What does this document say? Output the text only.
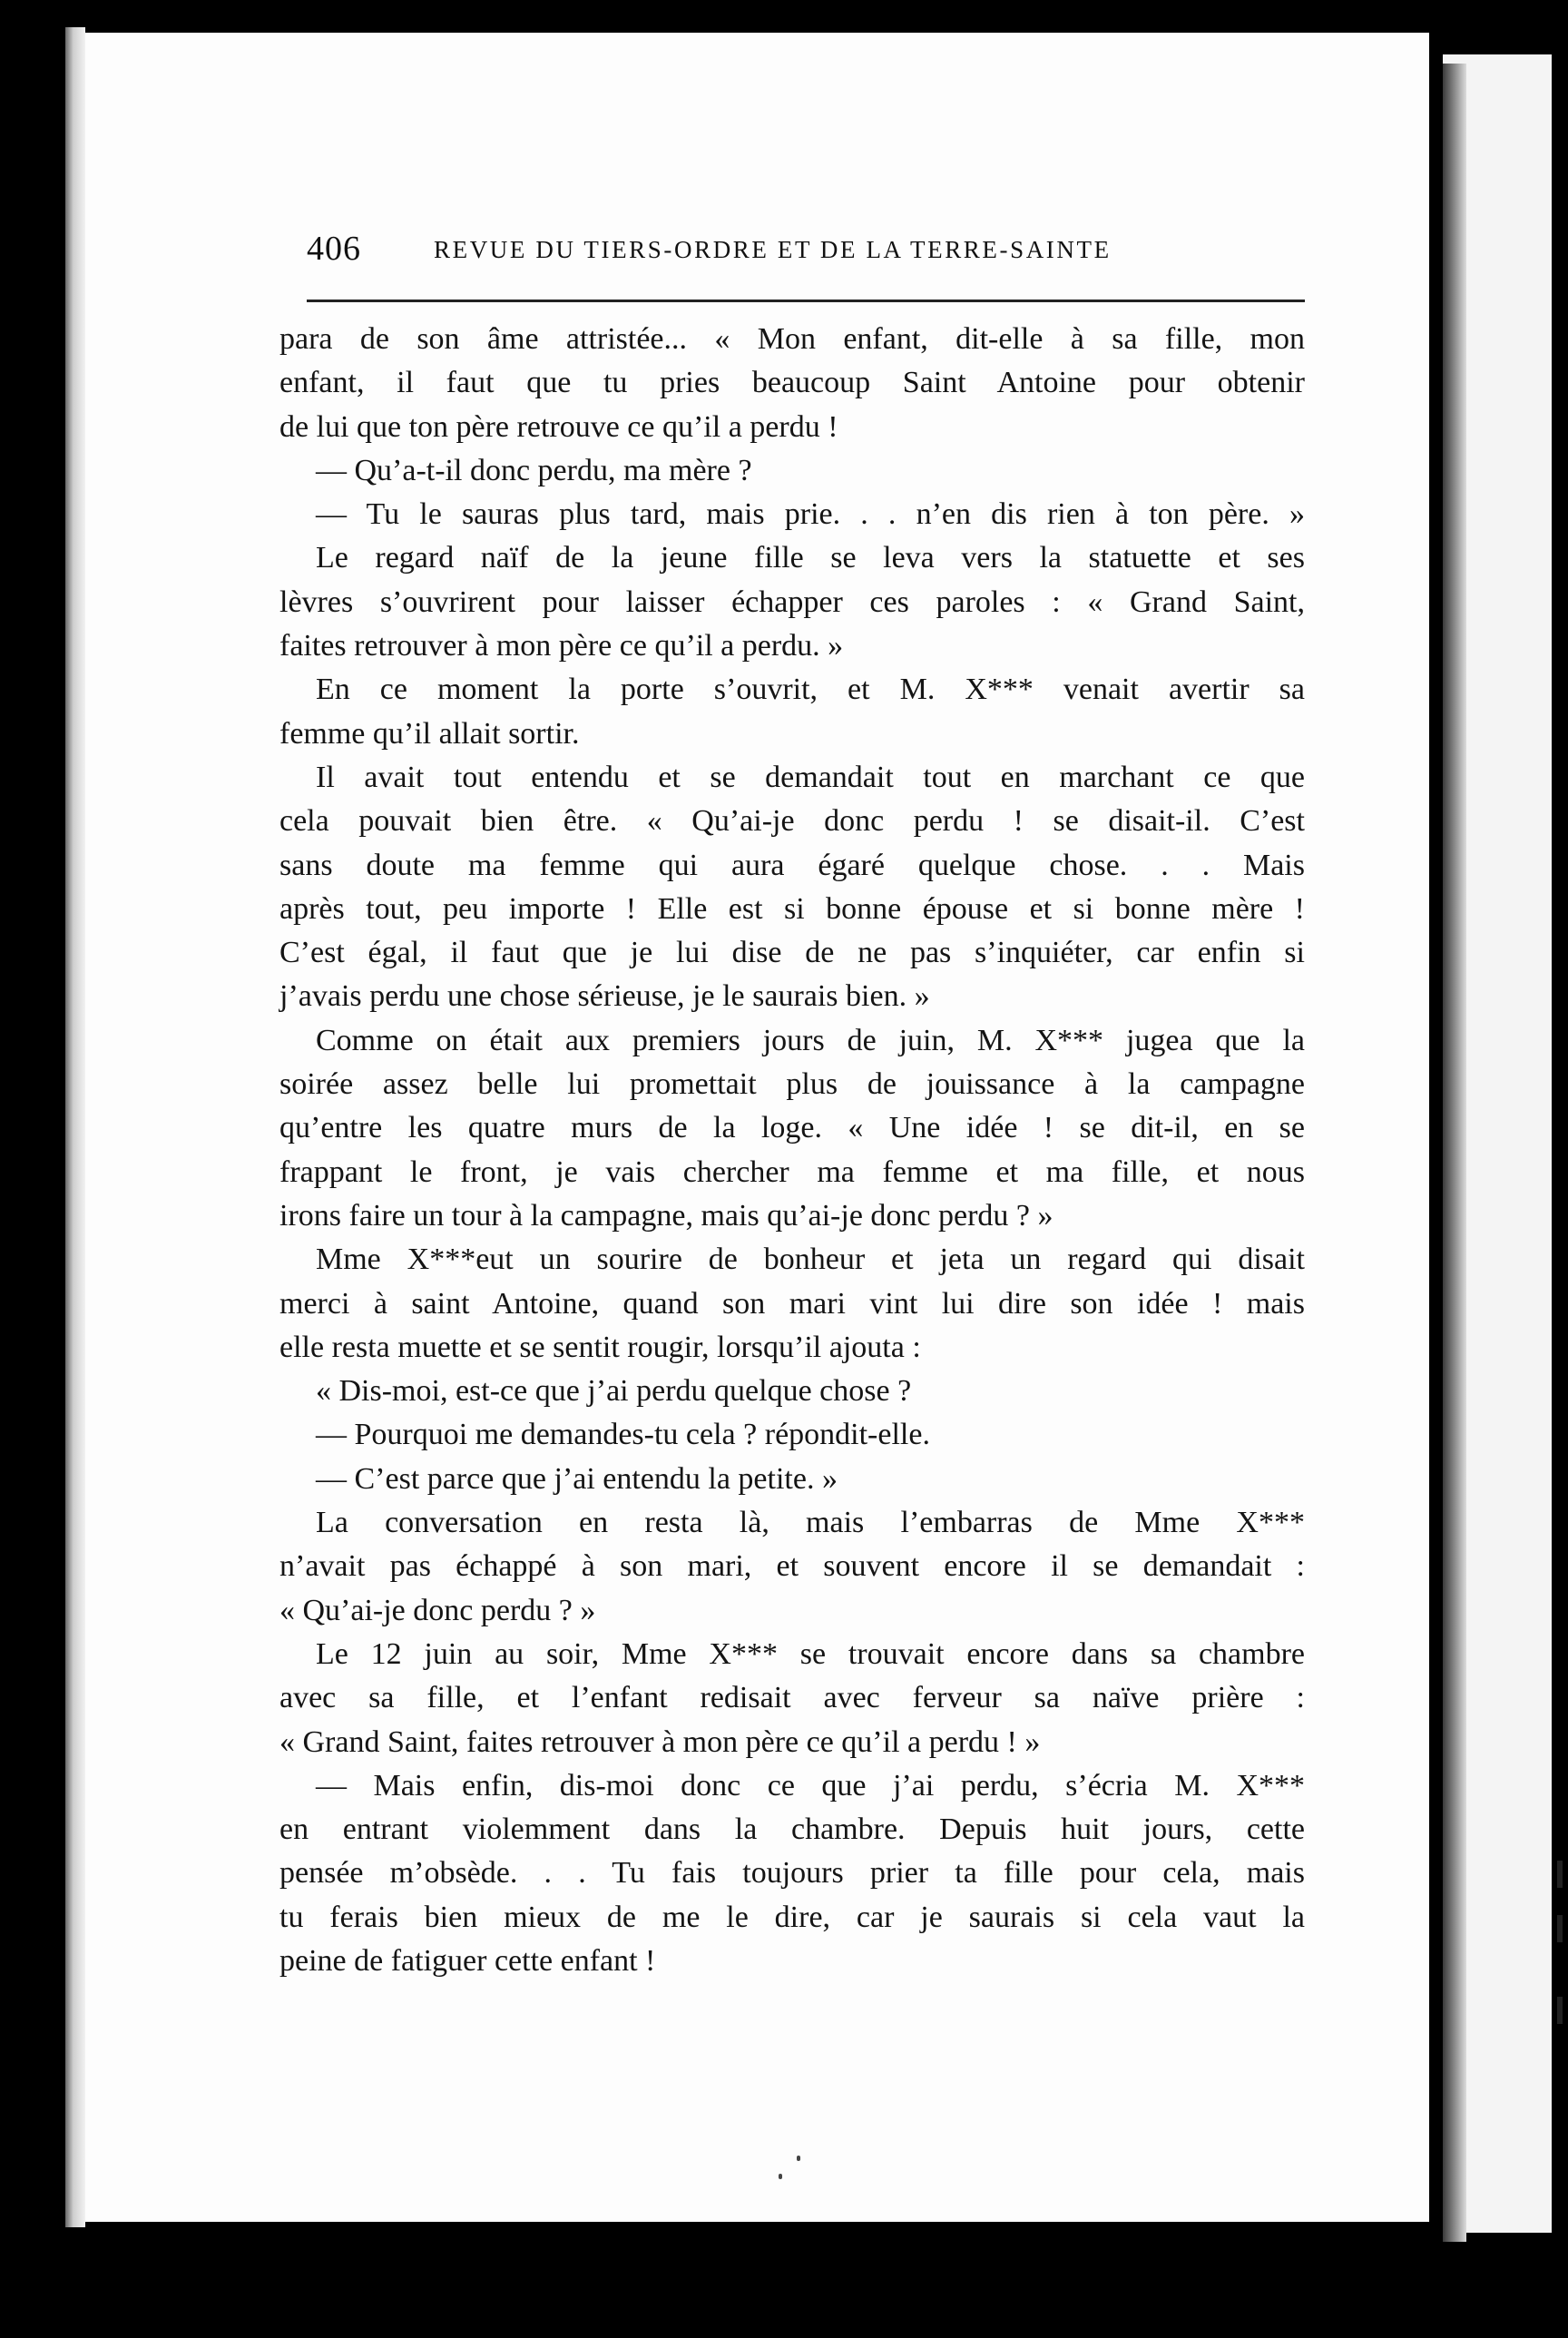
406	REVUE DU TIERS-ORDRE ET DE LA TERRE-SAINTE
para de son âme attristée... « Mon enfant, dit-elle à sa fille, mon
enfant, il faut que tu pries beaucoup Saint Antoine pour obtenir
de lui que ton père retrouve ce qu’il a perdu !
— Qu’a-t-il donc perdu, ma mère ?
— Tu le sauras plus tard, mais prie. . . n’en dis rien à ton père. »
Le regard naïf de la jeune fille se leva vers la statuette et ses
lèvres s’ouvrirent pour laisser échapper ces paroles : « Grand Saint,
faites retrouver à mon père ce qu’il a perdu. »
En ce moment la porte s’ouvrit, et M. X*** venait avertir sa
femme qu’il allait sortir.
Il avait tout entendu et se demandait tout en marchant ce que
cela pouvait bien être. « Qu’ai-je donc perdu ! se disait-il. C’est
sans doute ma femme qui aura égaré quelque chose. . . Mais
après tout, peu importe ! Elle est si bonne épouse et si bonne mère !
C’est égal, il faut que je lui dise de ne pas s’inquiéter, car enfin si
j’avais perdu une chose sérieuse, je le saurais bien. »
Comme on était aux premiers jours de juin, M. X*** jugea que la
soirée assez belle lui promettait plus de jouissance à la campagne
qu’entre les quatre murs de la loge. « Une idée ! se dit-il, en se
frappant le front, je vais chercher ma femme et ma fille, et nous
irons faire un tour à la campagne, mais qu’ai-je donc perdu ? »
Mme X***eut un sourire de bonheur et jeta un regard qui disait
merci à saint Antoine, quand son mari vint lui dire son idée ! mais
elle resta muette et se sentit rougir, lorsqu’il ajouta :
« Dis-moi, est-ce que j’ai perdu quelque chose ?
— Pourquoi me demandes-tu cela ? répondit-elle.
— C’est parce que j’ai entendu la petite. »
La conversation en resta là, mais l’embarras de Mme X***
n’avait pas échappé à son mari, et souvent encore il se demandait :
« Qu’ai-je donc perdu ? »
Le 12 juin au soir, Mme X*** se trouvait encore dans sa chambre
avec sa fille, et l’enfant redisait avec ferveur sa naïve prière :
« Grand Saint, faites retrouver à mon père ce qu’il a perdu ! »
— Mais enfin, dis-moi donc ce que j’ai perdu, s’écria M. X***
en entrant violemment dans la chambre. Depuis huit jours, cette
pensée m’obsède. . . Tu fais toujours prier ta fille pour cela, mais
tu ferais bien mieux de me le dire, car je saurais si cela vaut la
peine de fatiguer cette enfant !
